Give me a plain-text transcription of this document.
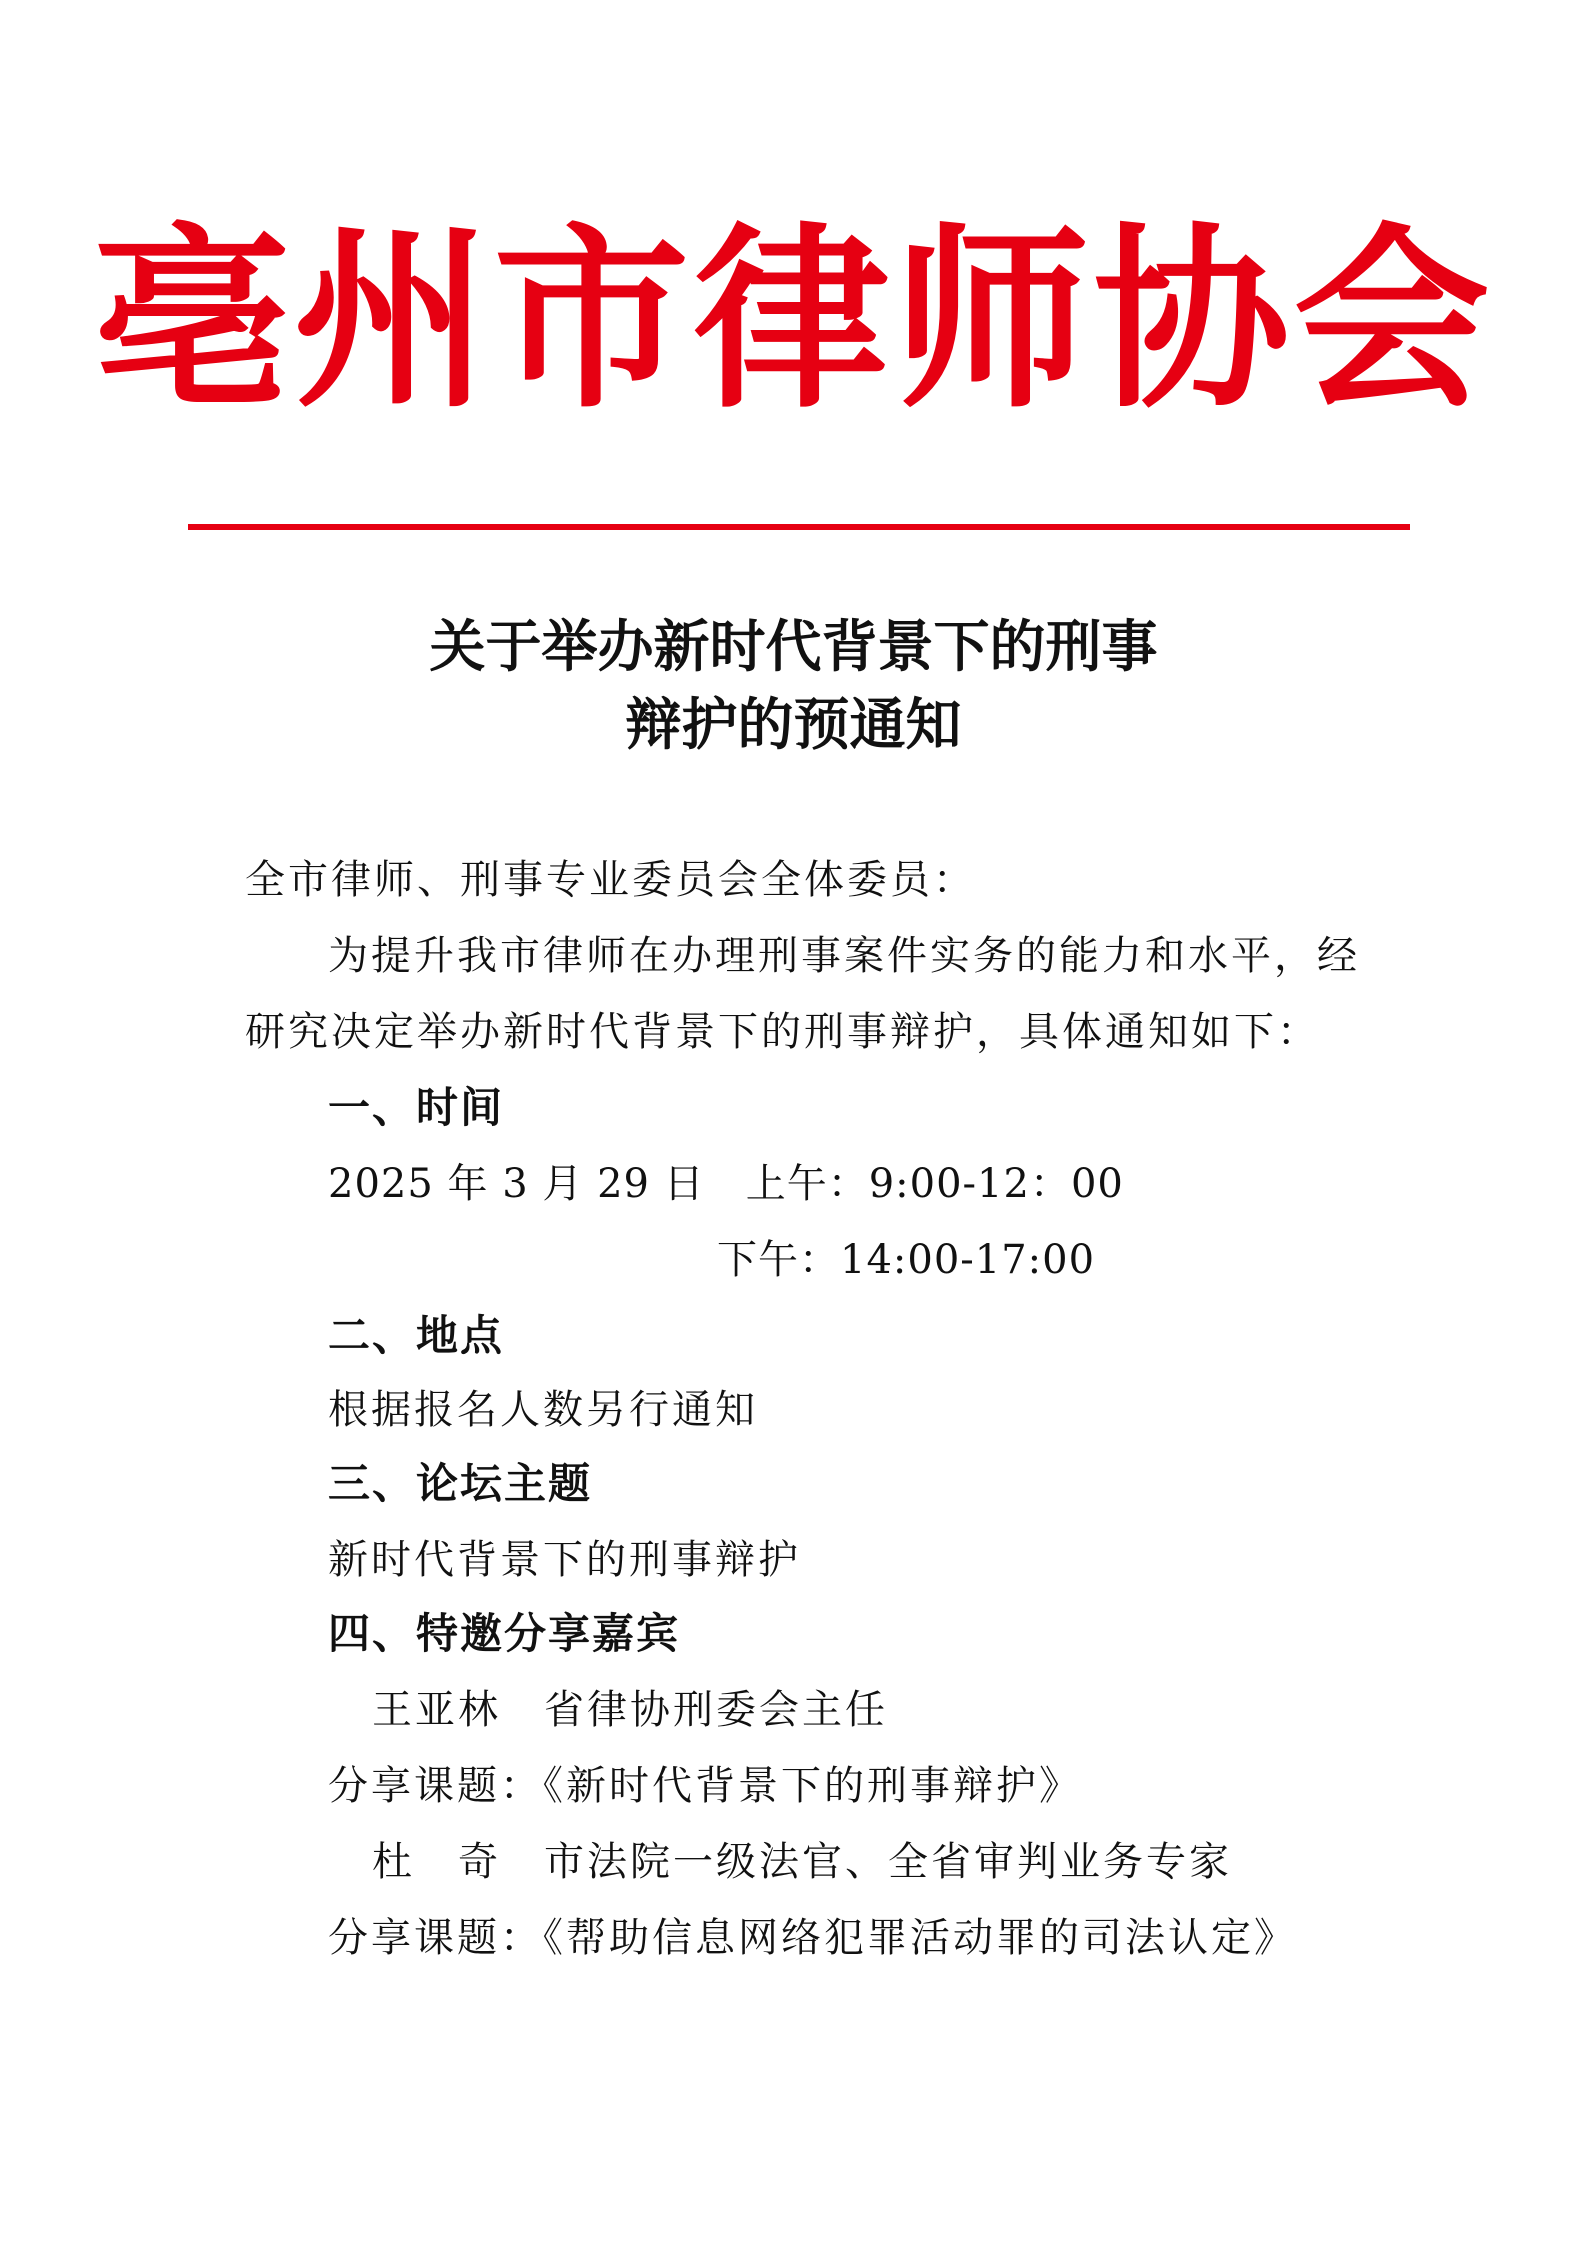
亳州市律师协会
关于举办新时代背景下的刑事
辩护的预通知
全市律师、刑事专业委员会全体委员：
为提升我市律师在办理刑事案件实务的能力和水平，经
研究决定举办新时代背景下的刑事辩护，具体通知如下：
一、时间
2025 年 3 月 29 日　上午：9:00-12：00
下午：14:00-17:00
二、地点
根据报名人数另行通知
三、论坛主题
新时代背景下的刑事辩护
四、特邀分享嘉宾
王亚林　省律协刑委会主任
分享课题：《新时代背景下的刑事辩护》
杜　奇　市法院一级法官、全省审判业务专家
分享课题：《帮助信息网络犯罪活动罪的司法认定》
